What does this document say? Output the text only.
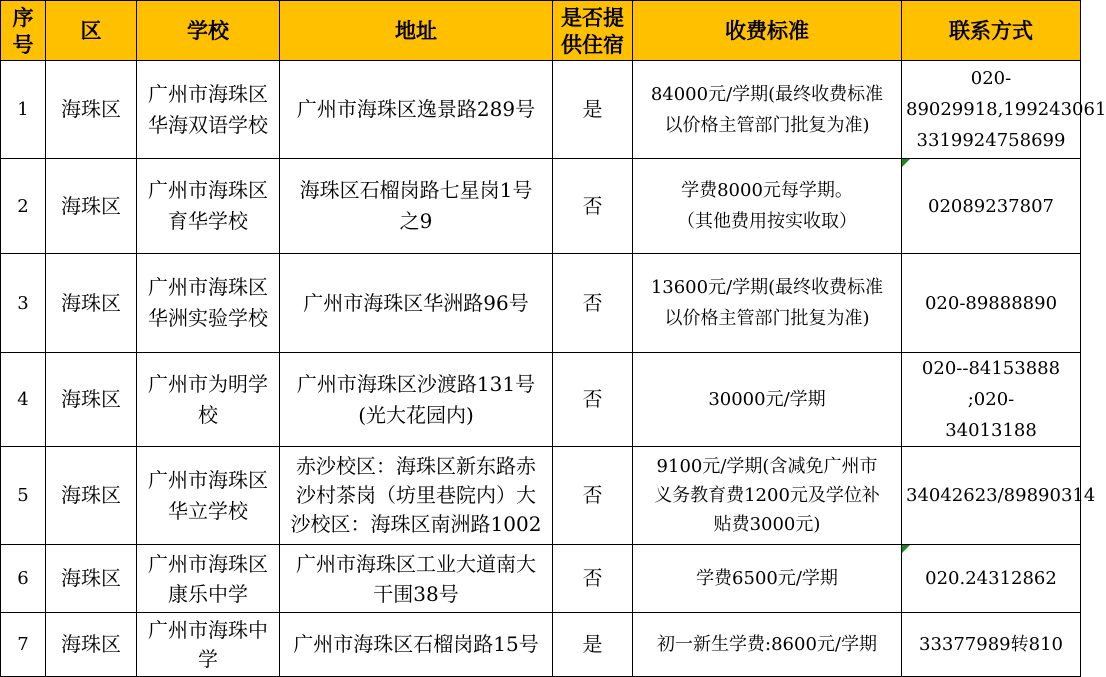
序
号	区	学校	地址	是否提
供住宿	收费标准	联系方式
1	海珠区	广州市海珠区
华海双语学校	广州市海珠区逸景路289号	是	84000元/学期(最终收费标准
以价格主管部门批复为准)	020-
89029918,199243061
3319924758699

2	海珠区	广州市海珠区
育华学校	海珠区石榴岗路七星岗1号
之9	否	学费8000元每学期。
（其他费用按实收取）	02089237807

3	海珠区	广州市海珠区
华洲实验学校	广州市海珠区华洲路96号	否	13600元/学期(最终收费标准
以价格主管部门批复为准)	020-89888890

4	海珠区	广州市为明学
校	广州市海珠区沙渡路131号
(光大花园内)	否	30000元/学期	020--84153888 ;020-
34013188

5	海珠区	广州市海珠区
华立学校	赤沙校区：海珠区新东路赤
沙村茶岗（坊里巷院内）大
沙校区：海珠区南洲路1002	否	9100元/学期(含减免广州市
义务教育费1200元及学位补
贴费3000元)	34042623/89890314

6	海珠区	广州市海珠区
康乐中学	广州市海珠区工业大道南大
干围38号	否	学费6500元/学期	020.24312862

7	海珠区	广州市海珠中
学	广州市海珠区石榴岗路15号	是	初一新生学费:8600元/学期	33377989转810
